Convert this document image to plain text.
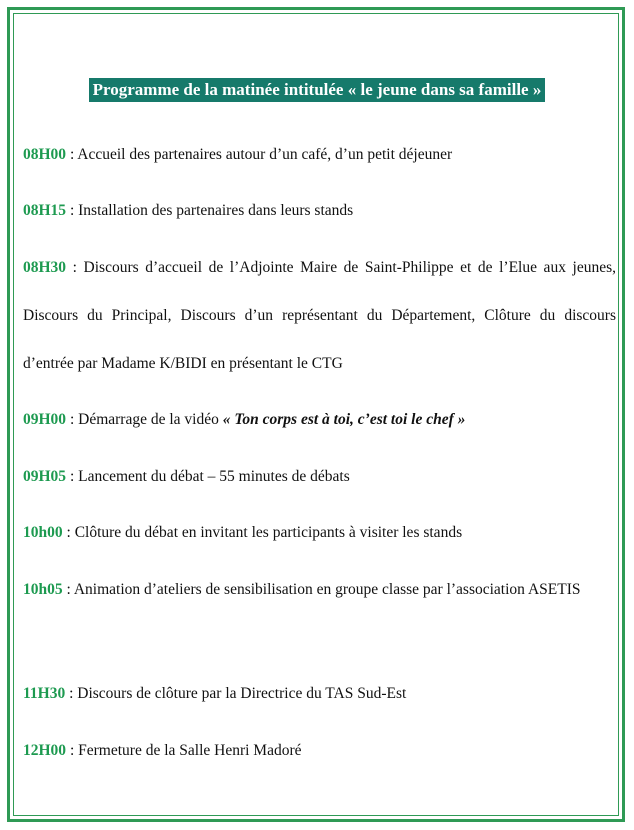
Programme de la matinée intitulée « le jeune dans sa famille »
08H00 : Accueil des partenaires autour d’un café, d’un petit déjeuner
08H15 : Installation des partenaires dans leurs stands
08H30 : Discours d’accueil de l’Adjointe Maire de Saint-Philippe et de l’Elue aux jeunes, Discours du Principal, Discours d’un représentant du Département, Clôture du discours d’entrée par Madame K/BIDI en présentant le CTG
09H00 : Démarrage de la vidéo « Ton corps est à toi, c’est toi le chef »
09H05 : Lancement du débat – 55 minutes de débats
10h00 : Clôture du débat en invitant les participants à visiter les stands
10h05 : Animation d’ateliers de sensibilisation en groupe classe par l’association ASETIS
11H30 : Discours de clôture par la Directrice du TAS Sud-Est
12H00 : Fermeture de la Salle Henri Madoré
